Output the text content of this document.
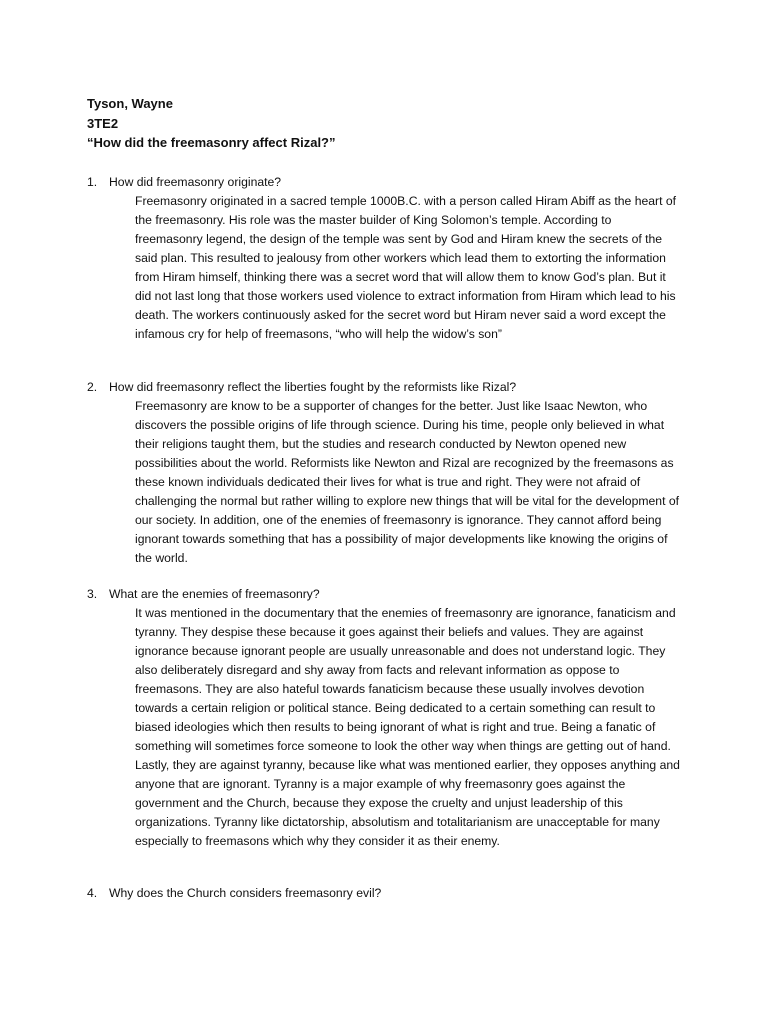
Tyson, Wayne
3TE2
“How did the freemasonry affect Rizal?”
1. How did freemasonry originate?
Freemasonry originated in a sacred temple 1000B.C. with a person called Hiram Abiff as the heart of the freemasonry. His role was the master builder of King Solomon’s temple. According to freemasonry legend, the design of the temple was sent by God and Hiram knew the secrets of the said plan. This resulted to jealousy from other workers which lead them to extorting the information from Hiram himself, thinking there was a secret word that will allow them to know God’s plan. But it did not last long that those workers used violence to extract information from Hiram which lead to his death. The workers continuously asked for the secret word but Hiram never said a word except the infamous cry for help of freemasons, “who will help the widow’s son”
2. How did freemasonry reflect the liberties fought by the reformists like Rizal?
Freemasonry are know to be a supporter of changes for the better. Just like Isaac Newton, who discovers the possible origins of life through science. During his time, people only believed in what their religions taught them, but the studies and research conducted by Newton opened new possibilities about the world. Reformists like Newton and Rizal are recognized by the freemasons as these known individuals dedicated their lives for what is true and right. They were not afraid of challenging the normal but rather willing to explore new things that will be vital for the development of our society. In addition, one of the enemies of freemasonry is ignorance. They cannot afford being ignorant towards something that has a possibility of major developments like knowing the origins of the world.
3. What are the enemies of freemasonry?
It was mentioned in the documentary that the enemies of freemasonry are ignorance, fanaticism and tyranny. They despise these because it goes against their beliefs and values. They are against ignorance because ignorant people are usually unreasonable and does not understand logic. They also deliberately disregard and shy away from facts and relevant information as oppose to freemasons. They are also hateful towards fanaticism because these usually involves devotion towards a certain religion or political stance. Being dedicated to a certain something can result to biased ideologies which then results to being ignorant of what is right and true. Being a fanatic of something will sometimes force someone to look the other way when things are getting out of hand. Lastly, they are against tyranny, because like what was mentioned earlier, they opposes anything and anyone that are ignorant. Tyranny is a major example of why freemasonry goes against the government and the Church, because they expose the cruelty and unjust leadership of this organizations. Tyranny like dictatorship, absolutism and totalitarianism are unacceptable for many especially to freemasons which why they consider it as their enemy.
4. Why does the Church considers freemasonry evil?
